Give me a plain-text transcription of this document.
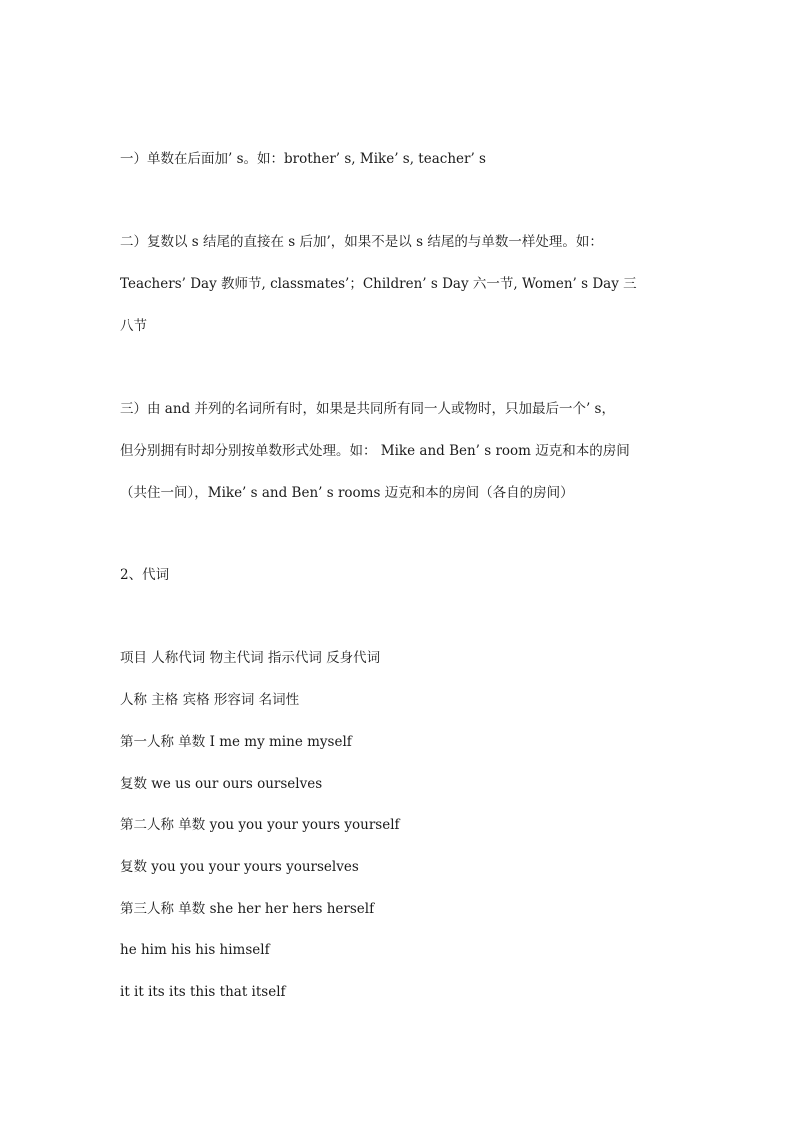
一）单数在后面加’ s。如：brother’ s, Mike’ s, teacher’ s
二）复数以 s 结尾的直接在 s 后加’，如果不是以 s 结尾的与单数一样处理。如：
Teachers’ Day 教师节, classmates’；Children’ s Day 六一节, Women’ s Day 三
八节
三）由 and 并列的名词所有时，如果是共同所有同一人或物时，只加最后一个’ s，
但分别拥有时却分别按单数形式处理。如： Mike and Ben’ s room 迈克和本的房间
（共住一间），Mike’ s and Ben’ s rooms 迈克和本的房间（各自的房间）
2、代词
项目 人称代词 物主代词 指示代词 反身代词
人称 主格 宾格 形容词 名词性
第一人称 单数 I me my mine myself
复数 we us our ours ourselves
第二人称 单数 you you your yours yourself
复数 you you your yours yourselves
第三人称 单数 she her her hers herself
he him his his himself
it it its its this that itself
